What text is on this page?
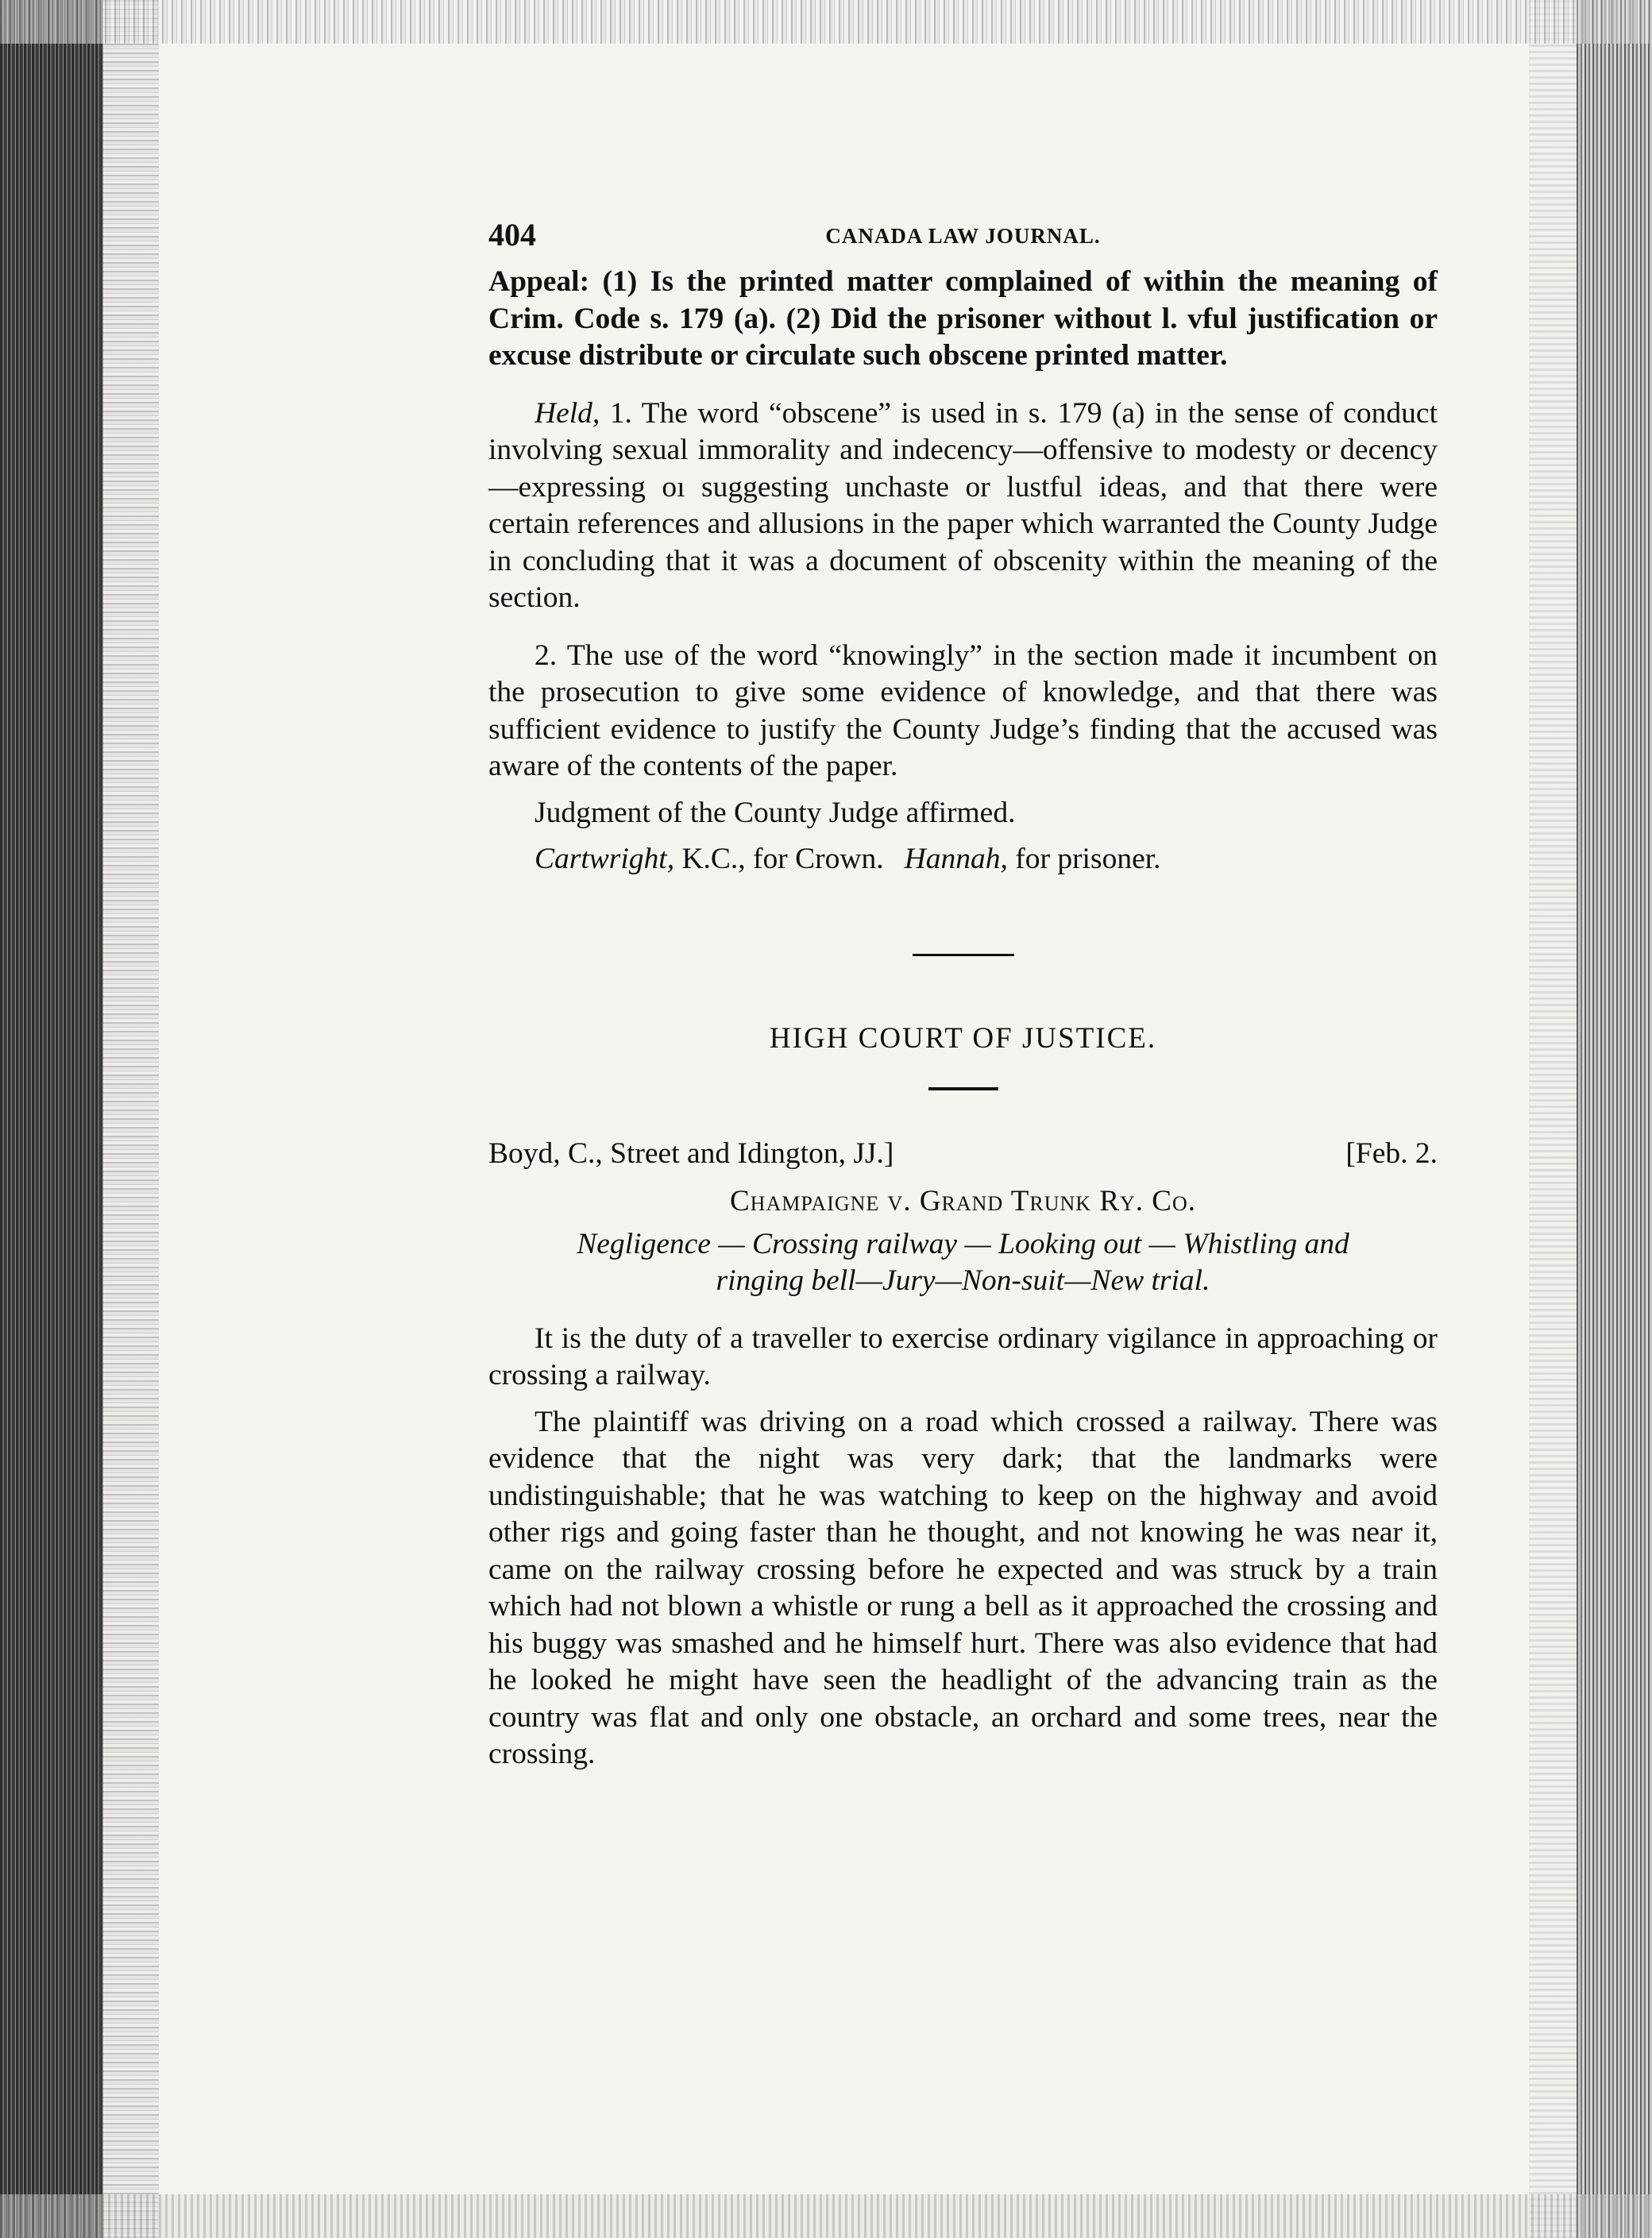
404	CANADA LAW JOURNAL.

Appeal: (1) Is the printed matter complained of within the meaning of Crim. Code s. 179 (a). (2) Did the prisoner without l. vful justification or excuse distribute or circulate such obscene printed matter.

Held, 1. The word “obscene” is used in s. 179 (a) in the sense of conduct involving sexual immorality and indecency—offensive to modesty or decency—expressing oı suggesting unchaste or lustful ideas, and that there were certain references and allusions in the paper which warranted the County Judge in concluding that it was a document of obscenity within the meaning of the section.

2. The use of the word “knowingly” in the section made it incumbent on the prosecution to give some evidence of knowledge, and that there was sufficient evidence to justify the County Judge’s finding that the accused was aware of the contents of the paper.

Judgment of the County Judge affirmed.

Cartwright, K.C., for Crown. Hannah, for prisoner.

HIGH COURT OF JUSTICE.
Boyd, C., Street and Idington, JJ.]	[Feb. 2.
Champaigne v. Grand Trunk Ry. Co.
Negligence — Crossing railway — Looking out — Whistling and
ringing bell—Jury—Non-suit—New trial.

It is the duty of a traveller to exercise ordinary vigilance in approaching or crossing a railway.

The plaintiff was driving on a road which crossed a railway. There was evidence that the night was very dark; that the landmarks were undistinguishable; that he was watching to keep on the highway and avoid other rigs and going faster than he thought, and not knowing he was near it, came on the railway crossing before he expected and was struck by a train which had not blown a whistle or rung a bell as it approached the crossing and his buggy was smashed and he himself hurt. There was also evidence that had he looked he might have seen the headlight of the advancing train as the country was flat and only one obstacle, an orchard and some trees, near the crossing.
